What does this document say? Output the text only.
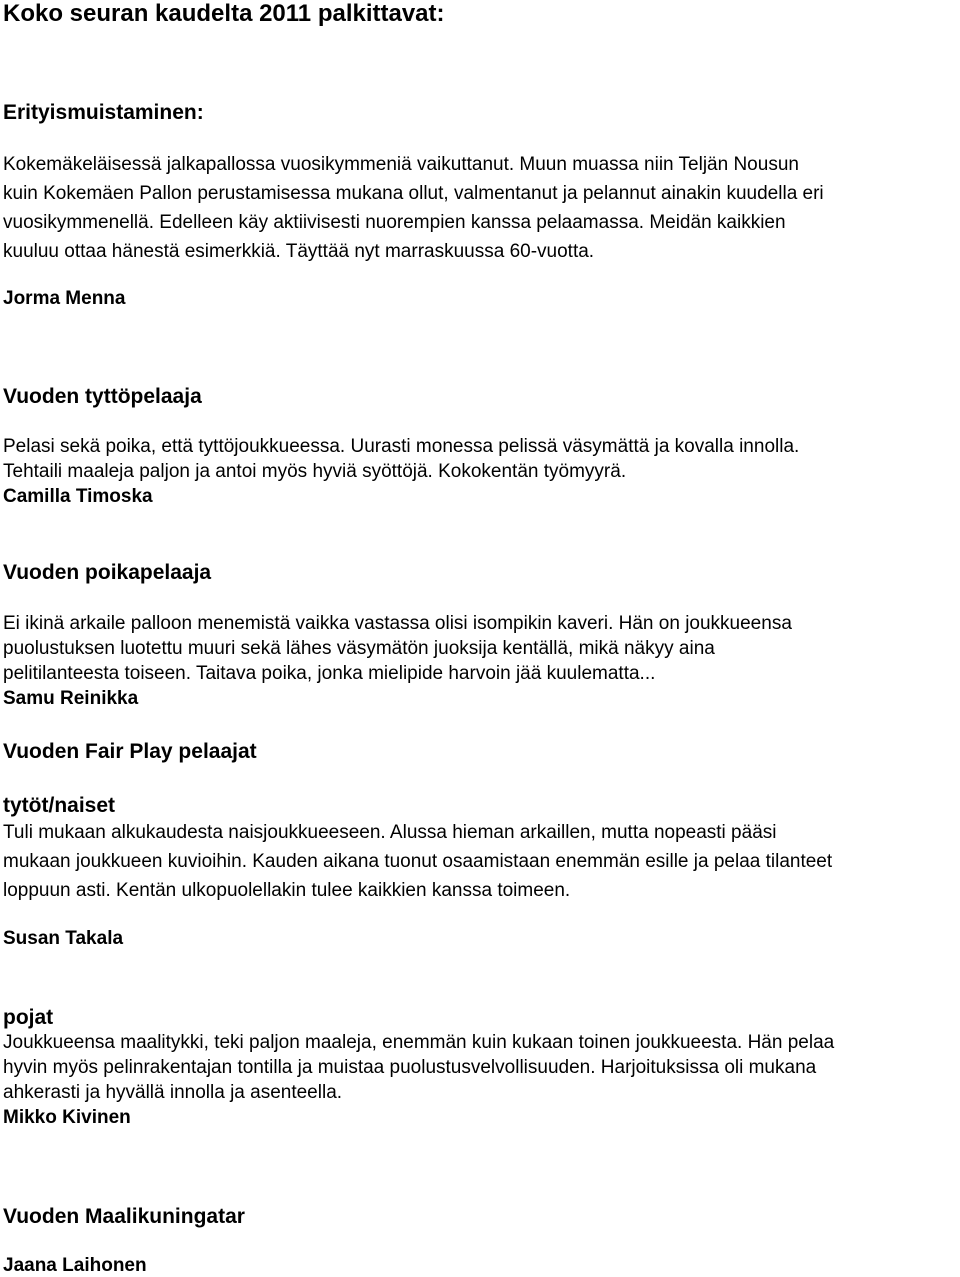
Koko seuran kaudelta 2011 palkittavat:
Erityismuistaminen:
Kokemäkeläisessä jalkapallossa vuosikymmeniä vaikuttanut. Muun muassa niin Teljän Nousun
kuin Kokemäen Pallon perustamisessa mukana ollut, valmentanut ja pelannut ainakin kuudella eri
vuosikymmenellä. Edelleen käy aktiivisesti nuorempien kanssa pelaamassa. Meidän kaikkien
kuuluu ottaa hänestä esimerkkiä. Täyttää nyt marraskuussa 60-vuotta.
Jorma Menna
Vuoden tyttöpelaaja
Pelasi sekä poika, että tyttöjoukkueessa. Uurasti monessa pelissä väsymättä ja kovalla innolla.
Tehtaili maaleja paljon ja antoi myös hyviä syöttöjä. Kokokentän työmyyrä.
Camilla Timoska
Vuoden poikapelaaja
Ei ikinä arkaile palloon menemistä vaikka vastassa olisi isompikin kaveri. Hän on joukkueensa
puolustuksen luotettu muuri sekä lähes väsymätön juoksija kentällä, mikä näkyy aina
pelitilanteesta toiseen. Taitava poika, jonka mielipide harvoin jää kuulematta...
Samu Reinikka
Vuoden Fair Play pelaajat
tytöt/naiset
Tuli mukaan alkukaudesta naisjoukkueeseen. Alussa hieman arkaillen, mutta nopeasti pääsi
mukaan joukkueen kuvioihin. Kauden aikana tuonut osaamistaan enemmän esille ja pelaa tilanteet
loppuun asti. Kentän ulkopuolellakin tulee kaikkien kanssa toimeen.
Susan Takala
pojat
Joukkueensa maalitykki, teki paljon maaleja, enemmän kuin kukaan toinen joukkueesta. Hän pelaa
hyvin myös pelinrakentajan tontilla ja muistaa puolustusvelvollisuuden. Harjoituksissa oli mukana
ahkerasti ja hyvällä innolla ja asenteella.
Mikko Kivinen
Vuoden Maalikuningatar
Jaana Laihonen
